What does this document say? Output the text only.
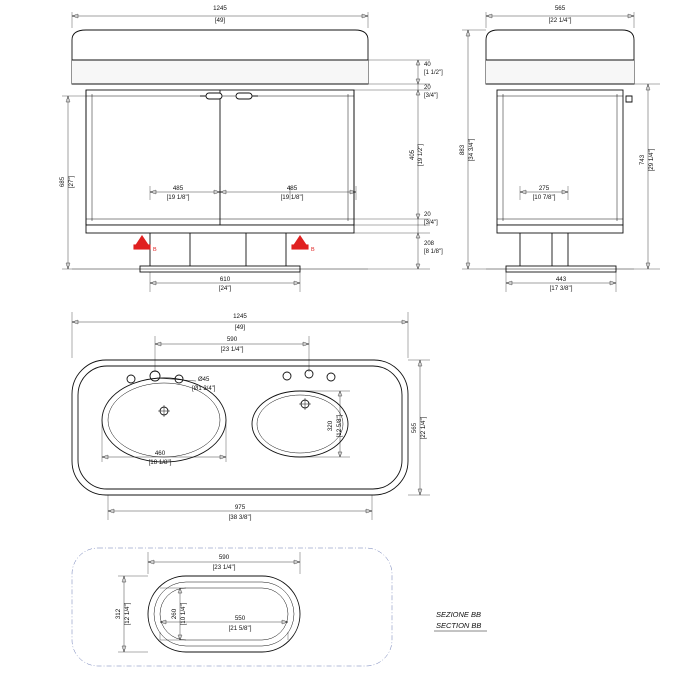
B	B
1245
[49]
485
[19 1/8"]
485
[19 1/8"]
610
[24"]
685 [27"]
40
[1 1/2"]
20
[3/4"]
405 [19 1/2"]
20
[3/4"]
208
[8 1/8"]
565
[22 1/4"]
883 [34 3/4"]	743 [29 1/4"]
275
[10 7/8"]
443
[17 3/8"]
Ø45
[Ø1 3/4"]
1245
[49]
590
[23 1/4"]
565 [22 1/4"]
460
[18 1/8"]
320 [12 5/8"]
975
[38 3/8"]
590
[23 1/4"]
312 [12 1/4"]	260 [10 1/4"]	550
[21 5/8"]
SEZIONE BB
SECTION BB
